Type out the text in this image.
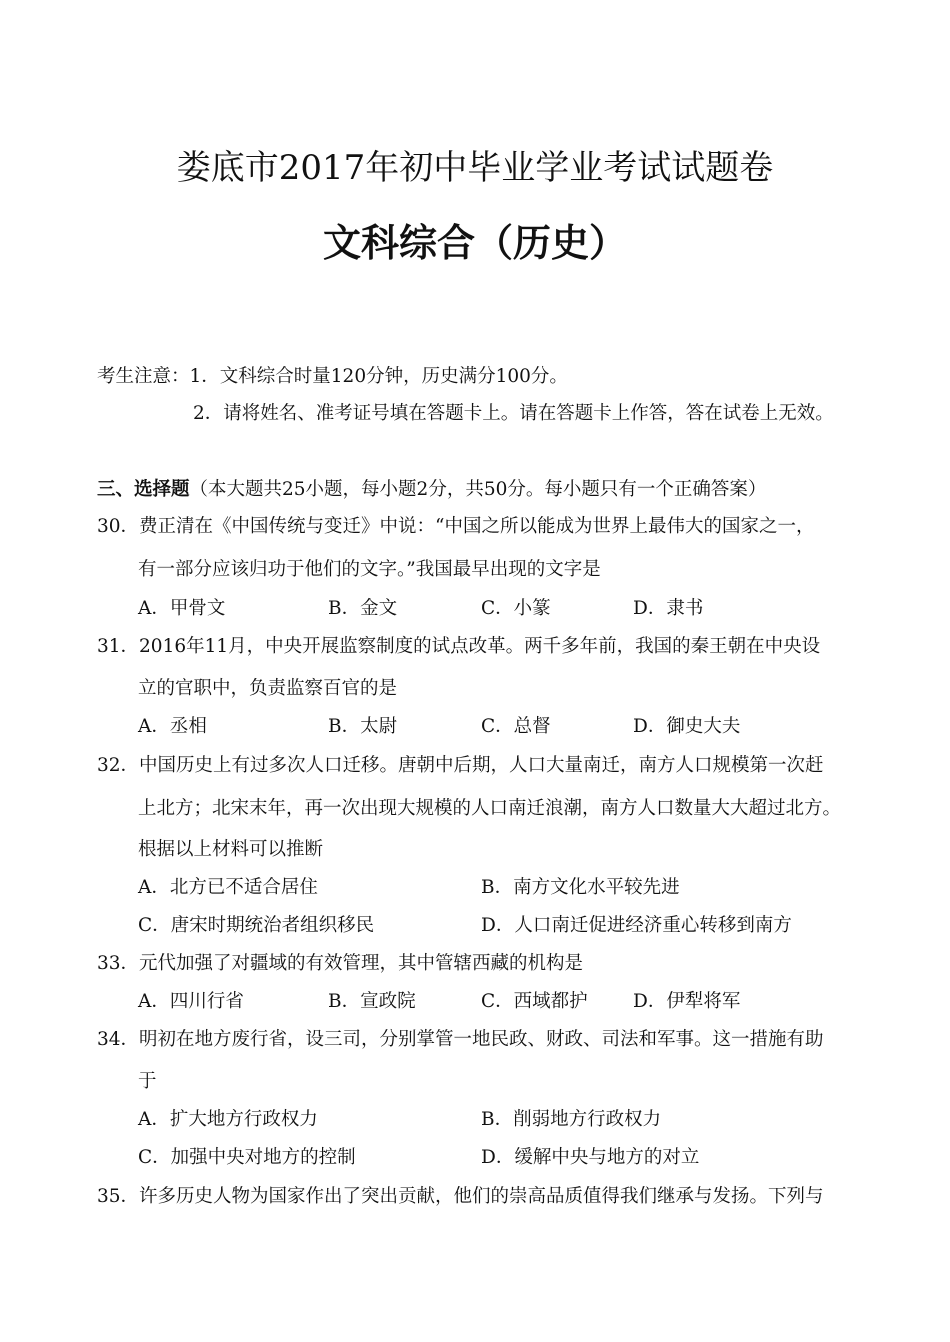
娄底市2017年初中毕业学业考试试题卷
文科综合（历史）
考生注意：1．文科综合时量120分钟，历史满分100分。
2．请将姓名、准考证号填在答题卡上。请在答题卡上作答，答在试卷上无效。
三、选择题（本大题共25小题，每小题2分，共50分。每小题只有一个正确答案）
30．费正清在《中国传统与变迁》中说：“中国之所以能成为世界上最伟大的国家之一，
有一部分应该归功于他们的文字。”我国最早出现的文字是
A．甲骨文	B．金文	C．小篆	D．隶书
31．2016年11月，中央开展监察制度的试点改革。两千多年前，我国的秦王朝在中央设
立的官职中，负责监察百官的是
A．丞相	B．太尉	C．总督	D．御史大夫
32．中国历史上有过多次人口迁移。唐朝中后期，人口大量南迁，南方人口规模第一次赶
上北方；北宋末年，再一次出现大规模的人口南迁浪潮，南方人口数量大大超过北方。
根据以上材料可以推断
A．北方已不适合居住	B．南方文化水平较先进
C．唐宋时期统治者组织移民	D．人口南迁促进经济重心转移到南方
33．元代加强了对疆域的有效管理，其中管辖西藏的机构是
A．四川行省	B．宣政院	C．西域都护 D．伊犁将军
34．明初在地方废行省，设三司，分别掌管一地民政、财政、司法和军事。这一措施有助
于
A．扩大地方行政权力	B．削弱地方行政权力
C．加强中央对地方的控制	D．缓解中央与地方的对立
35．许多历史人物为国家作出了突出贡献，他们的崇高品质值得我们继承与发扬。下列与
